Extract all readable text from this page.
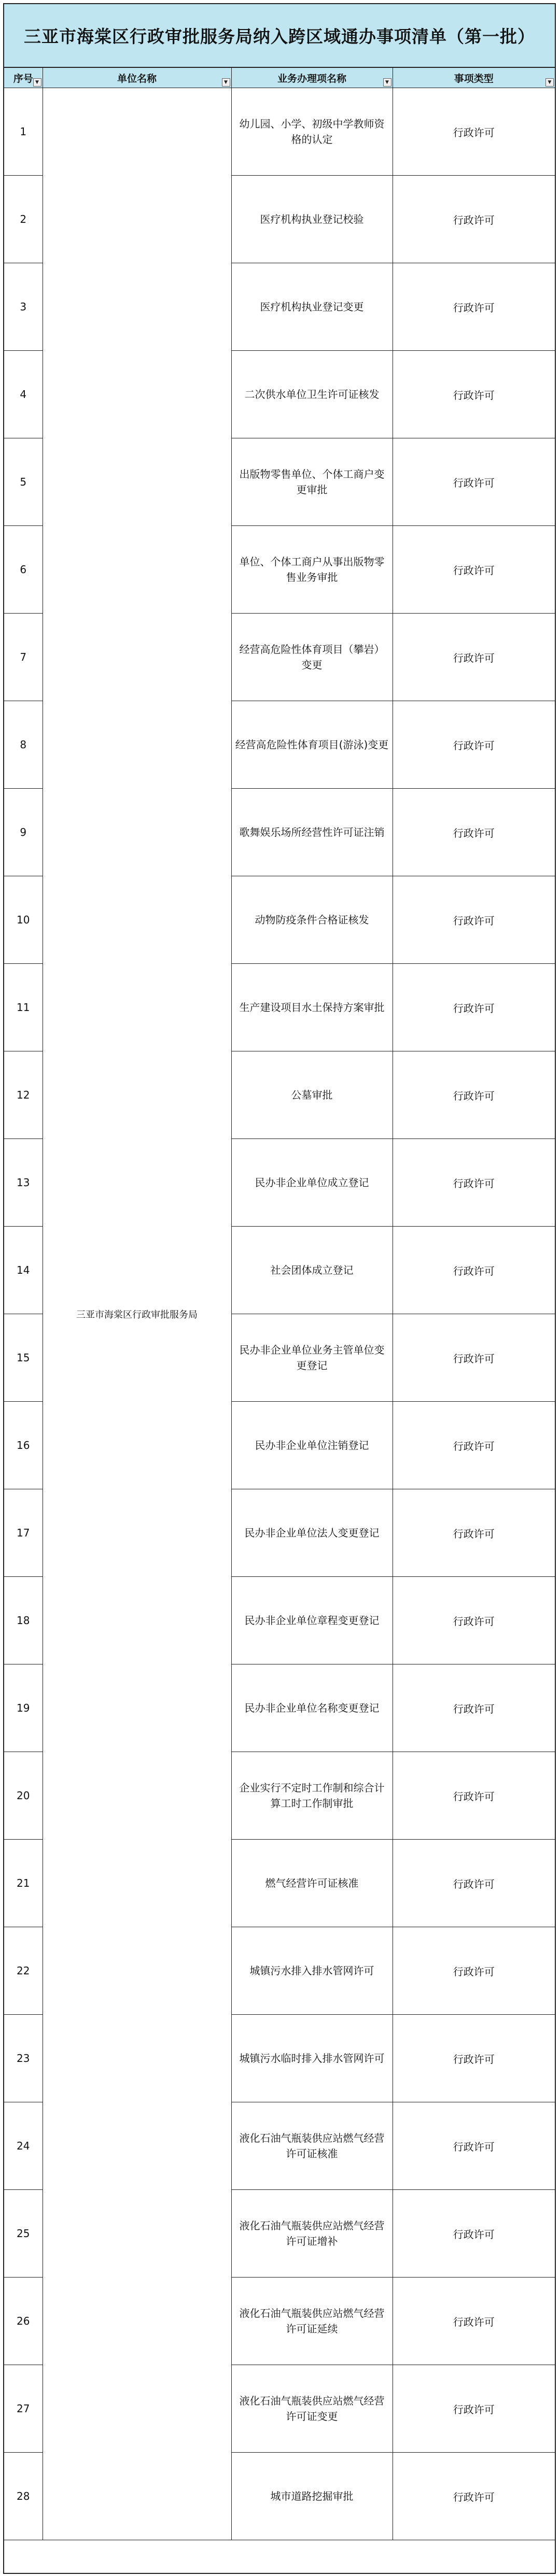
三亚市海棠区行政审批服务局纳入跨区域通办事项清单（第一批）
序号 ▼	单位名称 ▼	业务办理项名称 ▼	事项类型 ▼

1	三亚市海棠区行政审批服务局	幼儿园、小学、初级中学教师资格的认定	行政许可
2		医疗机构执业登记校验	行政许可
3		医疗机构执业登记变更	行政许可
4		二次供水单位卫生许可证核发	行政许可
5		出版物零售单位、个体工商户变更审批	行政许可
6		单位、个体工商户从事出版物零售业务审批	行政许可
7		经营高危险性体育项目（攀岩）变更	行政许可
8		经营高危险性体育项目(游泳)变更	行政许可
9		歌舞娱乐场所经营性许可证注销	行政许可
10		动物防疫条件合格证核发	行政许可
11		生产建设项目水土保持方案审批	行政许可
12		公墓审批	行政许可
13		民办非企业单位成立登记	行政许可
14		社会团体成立登记	行政许可
15		民办非企业单位业务主管单位变更登记	行政许可
16		民办非企业单位注销登记	行政许可
17		民办非企业单位法人变更登记	行政许可
18		民办非企业单位章程变更登记	行政许可
19		民办非企业单位名称变更登记	行政许可
20		企业实行不定时工作制和综合计算工时工作制审批	行政许可
21		燃气经营许可证核准	行政许可
22		城镇污水排入排水管网许可	行政许可
23		城镇污水临时排入排水管网许可	行政许可
24		液化石油气瓶装供应站燃气经营许可证核准	行政许可
25		液化石油气瓶装供应站燃气经营许可证增补	行政许可
26		液化石油气瓶装供应站燃气经营许可证延续	行政许可
27		液化石油气瓶装供应站燃气经营许可证变更	行政许可
28		城市道路挖掘审批	行政许可
